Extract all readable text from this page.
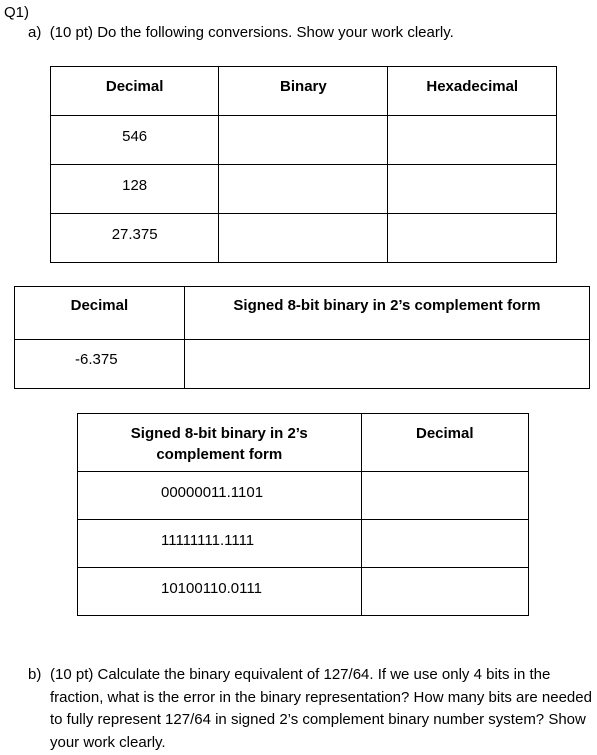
Q1)
a) (10 pt) Do the following conversions. Show your work clearly.
Decimal	Binary	Hexadecimal

546		

128		

27.375		

Decimal	Signed 8-bit binary in 2’s complement form

-6.375	

Signed 8-bit binary in 2’s
complement form	Decimal

00000011.1101	

11111111.1111	

10100110.0111	

b) (10 pt) Calculate the binary equivalent of 127/64. If we use only 4 bits in the fraction, what is the error in the binary representation? How many bits are needed to fully represent 127/64 in signed 2’s complement binary number system? Show your work clearly.
